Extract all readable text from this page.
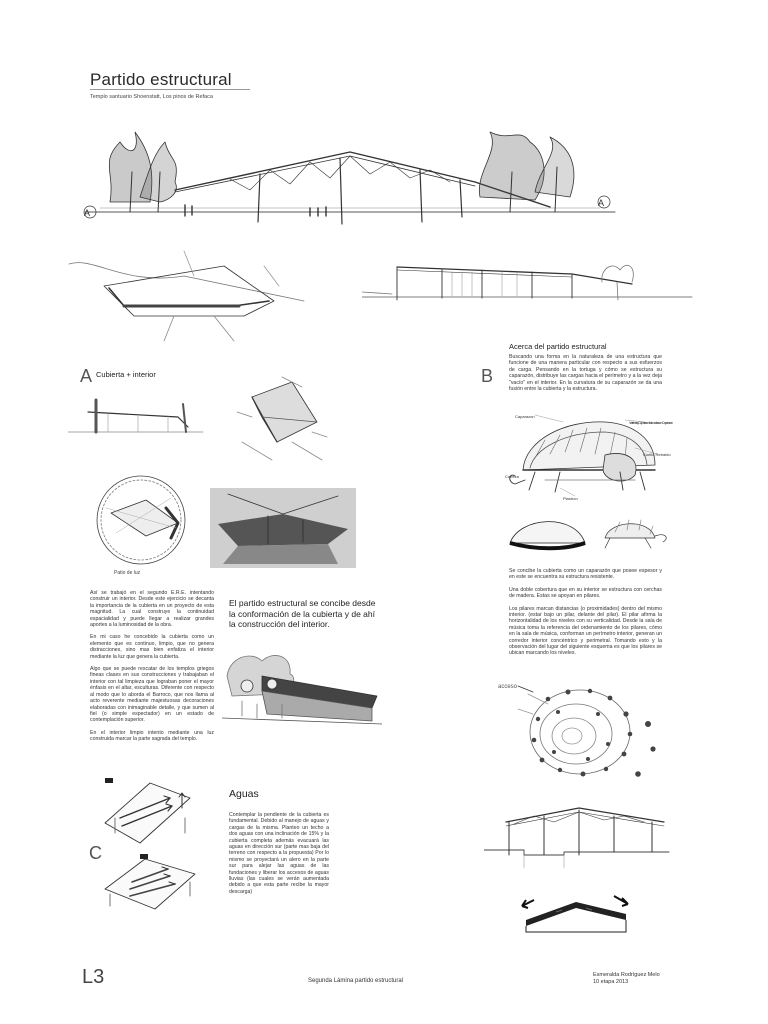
Partido estructural
Templo santuario Shoenstatt, Los pinos de Refaca
A
A
A Cubierta + interior
Patio de luz
Acerca del partido estructural
B
Buscando una forma en la naturaleza de una estructura que funcione de una manera particular con respecto a sus esfuerzos de carga. Pensando en la tortuga y cómo se estructura su caparazón, distribuye las cargas hacia el perímetro y a la vez deja "vacío" en el interior. En la curvatura de su caparazón se da una fusión entre la cubierta y la estructura.
Caparazon
Vertebras y Caparazon fusionadas con Caparazon
Cuello Retraido
Plastron
Cabeza

Se concibe la cubierta como un caparazón que posee espesor y en este se encuentra su estructura resistente.

Una doble cobertura que en su interior se estructura con cerchas de madera. Estas se apoyan en pilares.

Los pilares marcan distancias (o proximidades) dentro del mismo interior. (estar bajo un pilar, delante del pilar). El pilar afirma la horizontalidad de los niveles con su verticalidad. Desde la sala de música toma la referencia del ordenamiento de los pilares, cómo en la sala de música, conforman un perímetro interior, generan un corredor interior concéntrico y perimetral. Tomando esto y la observación del lugar del siguiente esquema es que los pilares se ubican marcando los niveles.

acceso
C

Así se trabajó en el segundo E.R.E. intentando construir un interior. Desde este ejercicio se decanta la importancia de la cubierta en un proyecto de esta magnitud. La cual construye la continuidad espacialidad y puede llegar a realizar grandes aportes a la luminosidad de la obra.

En mi caso he concebido la cubierta como un elemento que es continuo, limpio, que no genera distracciones, sino mas bien enfatiza el interior mediante la luz que genera la cubierta.

Algo que se puede rescatar de los templos griegos fineas clases en sus construcciones y trabajaban el interior con tal limpieza que lograban poner el mayor énfasis en el altar, esculturas. Diferente con respecto al modo que lo aborda el Barroco, que nos llama al acto reverente mediante majestuosas decoraciones elaboradas con inimaginable detalle, y que sumen al fiel (o simple espectador) en un estado de contemplación superior.

En el interior limpio intento mediante una luz construida marcar la parte sagrada del templo.

El partido estructural se concibe desde la conformación de la cubierta y de ahí la construcción del interior.
Aguas
Contemplar la pendiente de la cubierta es fundamental. Debido al manejo de aguas y cargas de la misma. Planteo un techo a dos aguas con una inclinación de 15% y la cubierta completa además evacuará las aguas en dirección sur (parte mas baja del terreno con respecto a la propuesta) Por lo mismo se proyectará un alero en la parte sur para alejar las aguas de las fundaciones y liberar los accesos de aguas lluvias (las cuales se verán aumentada debido a que esta parte recibe la mayor descarga)
L3	Segunda Lámina partido estructural
Esmeralda Rodríguez Melo
10 etapa 2013
